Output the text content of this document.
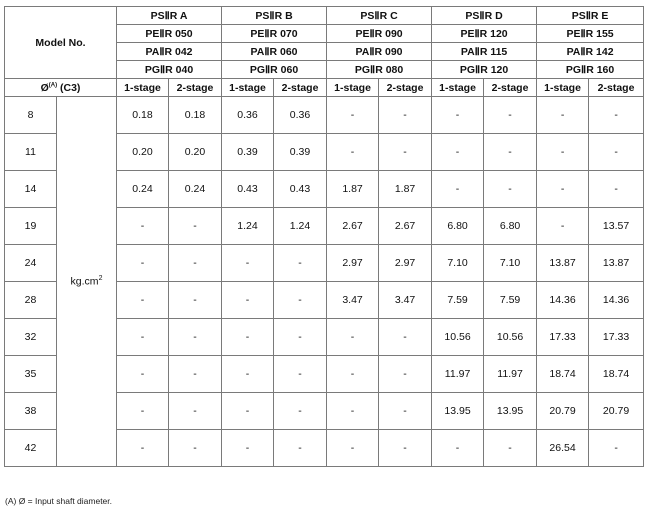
Model No.		PSⅡR A		PSⅡR B		PSⅡR C		PSⅡR D		PSⅡR E	
		PEⅡR 050		PEⅡR 070		PEⅡR 090		PEⅡR 120		PEⅡR 155	
		PAⅡR 042		PAⅡR 060		PAⅡR 090		PAⅡR 115		PAⅡR 142	
		PGⅡR 040		PGⅡR 060		PGⅡR 080		PGⅡR 120		PGⅡR 160	
$Ø^{(A)}$ (C3)		1-stage	2-stage	1-stage	2-stage	1-stage	2-stage	1-stage	2-stage	1-stage	2-stage
8	$kg.cm^2$	0.18	0.18	0.36	0.36	-	-	-	-	-	-
11		0.20	0.20	0.39	0.39	-	-	-	-	-	-
14		0.24	0.24	0.43	0.43	1.87	1.87	-	-	-	-
19		-	-	1.24	1.24	2.67	2.67	6.80	6.80	-	13.57
24		-	-	-	-	2.97	2.97	7.10	7.10	13.87	13.87
28		-	-	-	-	3.47	3.47	7.59	7.59	14.36	14.36
32		-	-	-	-	-	-	10.56	10.56	17.33	17.33
35		-	-	-	-	-	-	11.97	11.97	18.74	18.74
38		-	-	-	-	-	-	13.95	13.95	20.79	20.79
42		-	-	-	-	-	-	-	-	26.54	-
(A) Ø = Input shaft diameter.
